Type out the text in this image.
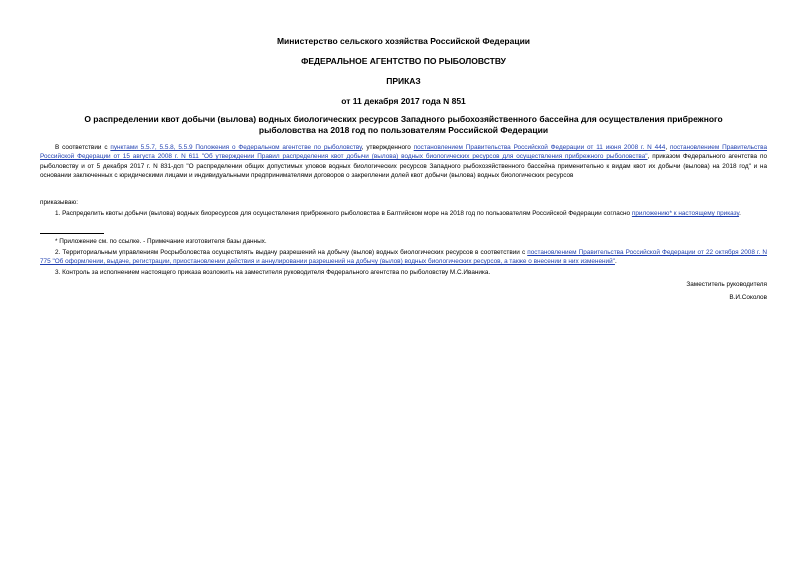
Министерство сельского хозяйства Российской Федерации
ФЕДЕРАЛЬНОЕ АГЕНТСТВО ПО РЫБОЛОВСТВУ
ПРИКАЗ
от 11 декабря 2017 года N 851
О распределении квот добычи (вылова) водных биологических ресурсов Западного рыбохозяйственного бассейна для осуществления прибрежного рыболовства на 2018 год по пользователям Российской Федерации
В соответствии с пунктами 5.5.7, 5.5.8, 5.5.9 Положения о Федеральном агентстве по рыболовству, утвержденного постановлением Правительства Российской Федерации от 11 июня 2008 г. N 444, постановлением Правительства Российской Федерации от 15 августа 2008 г. N 611 "Об утверждении Правил распределения квот добычи (вылова) водных биологических ресурсов для осуществления прибрежного рыболовства", приказом Федерального агентства по рыболовству и от 5 декабря 2017 г. N 831-дсп "О распределении общих допустимых уловов водных биологических ресурсов Западного рыбохозяйственного бассейна применительно к видам квот их добычи (вылова) на 2018 год" и на основании заключенных с юридическими лицами и индивидуальными предпринимателями договоров о закреплении долей квот добычи (вылова) водных биологических ресурсов
приказываю:
1. Распределить квоты добычи (вылова) водных биоресурсов для осуществления прибрежного рыболовства в Балтийском море на 2018 год по пользователям Российской Федерации согласно приложению* к настоящему приказу.
* Приложение см. по ссылке. - Примечание изготовителя базы данных.
2. Территориальным управлениям Росрыболовства осуществлять выдачу разрешений на добычу (вылов) водных биологических ресурсов в соответствии с постановлением Правительства Российской Федерации от 22 октября 2008 г. N 775 "Об оформлении, выдаче, регистрации, приостановлении действия и аннулировании разрешений на добычу (вылов) водных биологических ресурсов, а также о внесении в них изменений".
3. Контроль за исполнением настоящего приказа возложить на заместителя руководителя Федерального агентства по рыболовству М.С.Иваника.
Заместитель руководителя
В.И.Соколов
